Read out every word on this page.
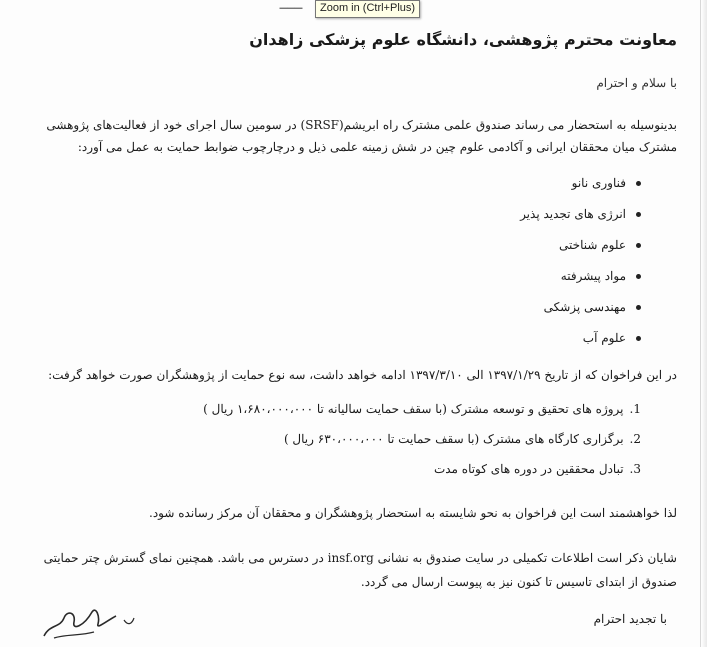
ـــ
معاونت محترم پژوهشی، دانشگاه علوم پزشکی زاهدان
با سلام و احترام
بدینوسیله به استحضار می رساند صندوق علمی مشترک راه ابریشم(SRSF) در سومین سال اجرای خود از فعالیت‌های پژوهشی
مشترک میان محققان ایرانی و آکادمی علوم چین در شش زمینه علمی ذیل و درچارچوب ضوابط حمایت به عمل می آورد:
فناوری نانو
انرژی های تجدید پذیر
علوم شناختی
مواد پیشرفته
مهندسی پزشکی
علوم آب
در این فراخوان که از تاریخ ۱۳۹۷/۱/۲۹ الی ۱۳۹۷/۳/۱۰ ادامه خواهد داشت، سه نوع حمایت از پژوهشگران صورت خواهد گرفت:
1.پروژه های تحقیق و توسعه مشترک (با سقف حمایت سالیانه تا ۱،۶۸۰،۰۰۰،۰۰۰ ریال )
2.برگزاری کارگاه های مشترک (با سقف حمایت تا ۶۳۰،۰۰۰،۰۰۰ ریال )
3.تبادل محققین در دوره های کوتاه مدت
لذا خواهشمند است این فراخوان به نحو شایسته به استحضار پژوهشگران و محققان آن مرکز رسانده شود.
شایان ذکر است اطلاعات تکمیلی در سایت صندوق به نشانی insf.org در دسترس می باشد. همچنین نمای گسترش چتر حمایتی
صندوق از ابتدای تاسیس تا کنون نیز به پیوست ارسال می گردد.
با تجدید احترام
Zoom in (Ctrl+Plus)
